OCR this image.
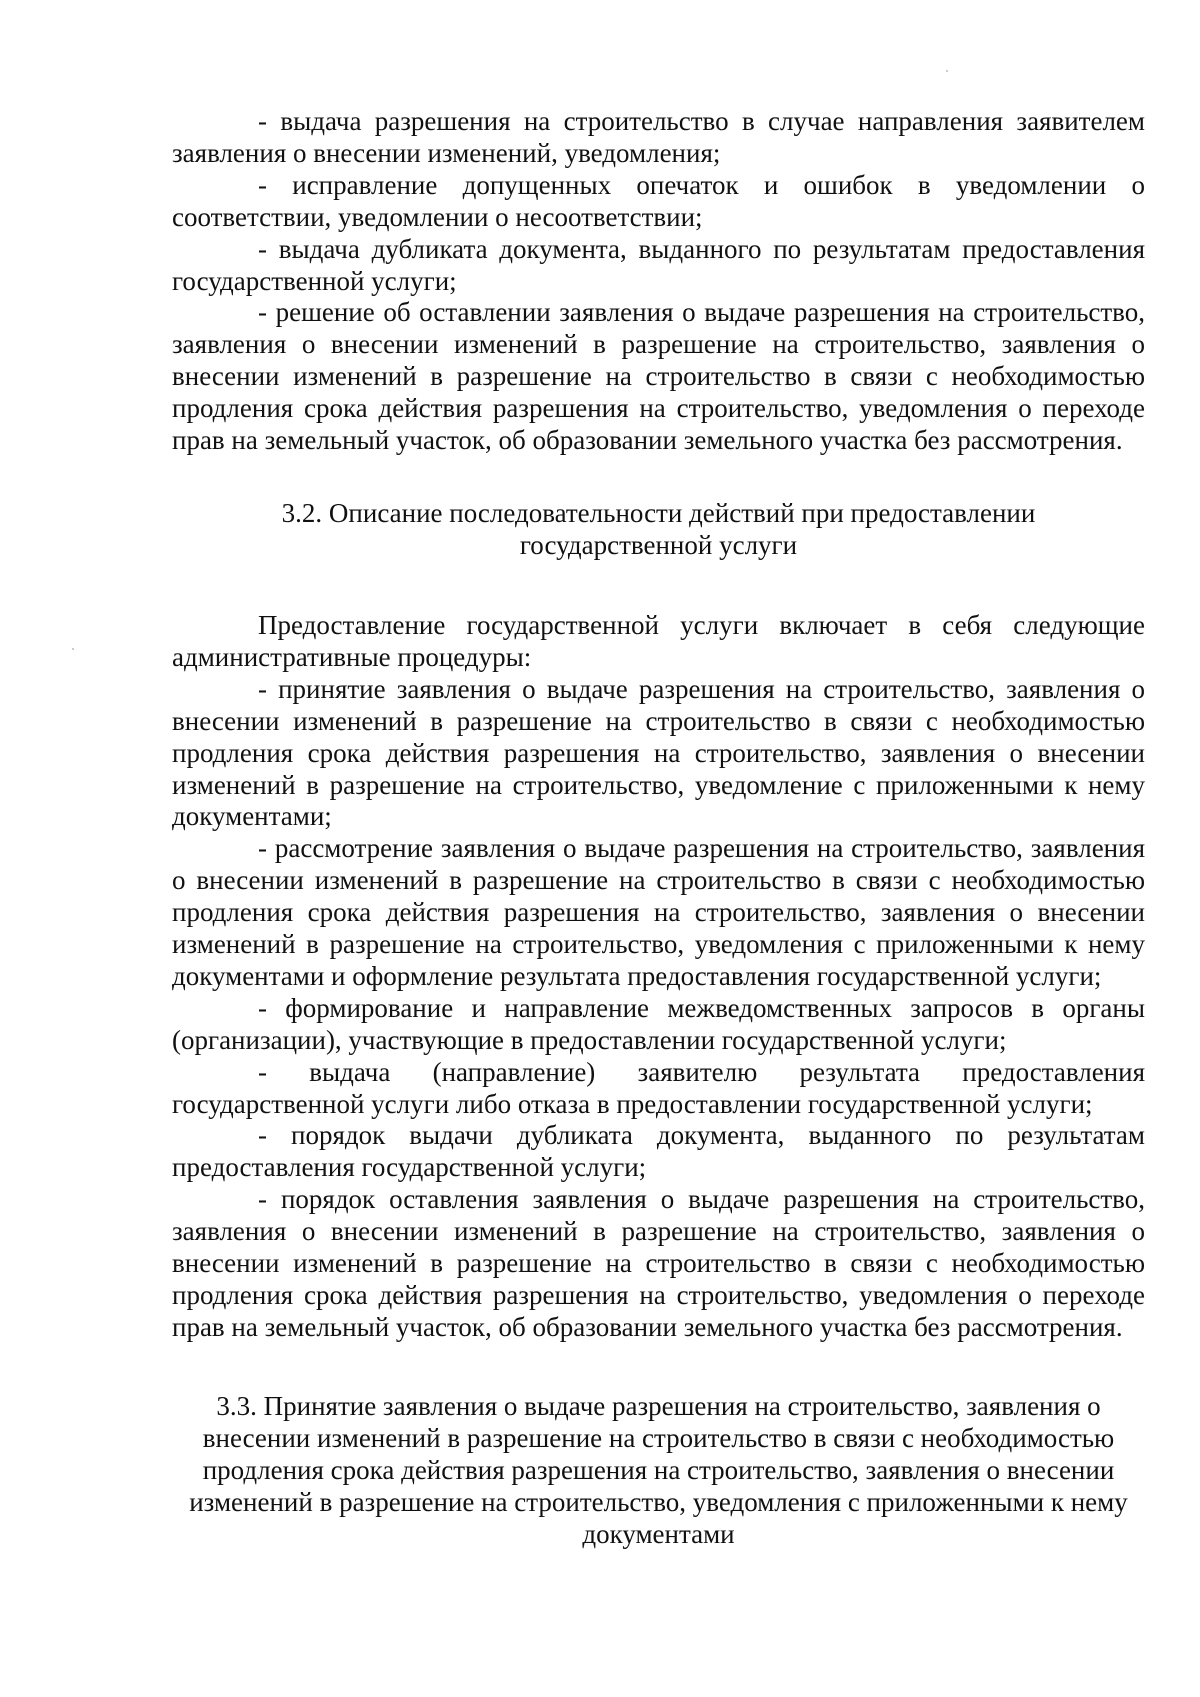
- выдача разрешения на строительство в случае направления заявителем заявления о внесении изменений, уведомления;

- исправление допущенных опечаток и ошибок в уведомлении о соответствии, уведомлении о несоответствии;

- выдача дубликата документа, выданного по результатам предоставления государственной услуги;

- решение об оставлении заявления о выдаче разрешения на строительство, заявления о внесении изменений в разрешение на строительство, заявления о внесении изменений в разрешение на строительство в связи с необходимостью продления срока действия разрешения на строительство, уведомления о переходе прав на земельный участок, об образовании земельного участка без рассмотрения.

3.2. Описание последовательности действий при предоставлении государственной услуги

Предоставление государственной услуги включает в себя следующие административные процедуры:

- принятие заявления о выдаче разрешения на строительство, заявления о внесении изменений в разрешение на строительство в связи с необходимостью продления срока действия разрешения на строительство, заявления о внесении изменений в разрешение на строительство, уведомление с приложенными к нему документами;

- рассмотрение заявления о выдаче разрешения на строительство, заявления о внесении изменений в разрешение на строительство в связи с необходимостью продления срока действия разрешения на строительство, заявления о внесении изменений в разрешение на строительство, уведомления с приложенными к нему документами и оформление результата предоставления государственной услуги;

- формирование и направление межведомственных запросов в органы (организации), участвующие в предоставлении государственной услуги;

- выдача (направление) заявителю результата предоставления государственной услуги либо отказа в предоставлении государственной услуги;

- порядок выдачи дубликата документа, выданного по результатам предоставления государственной услуги;

- порядок оставления заявления о выдаче разрешения на строительство, заявления о внесении изменений в разрешение на строительство, заявления о внесении изменений в разрешение на строительство в связи с необходимостью продления срока действия разрешения на строительство, уведомления о переходе прав на земельный участок, об образовании земельного участка без рассмотрения.

3.3. Принятие заявления о выдаче разрешения на строительство, заявления о внесении изменений в разрешение на строительство в связи с необходимостью продления срока действия разрешения на строительство, заявления о внесении изменений в разрешение на строительство, уведомления с приложенными к нему документами
